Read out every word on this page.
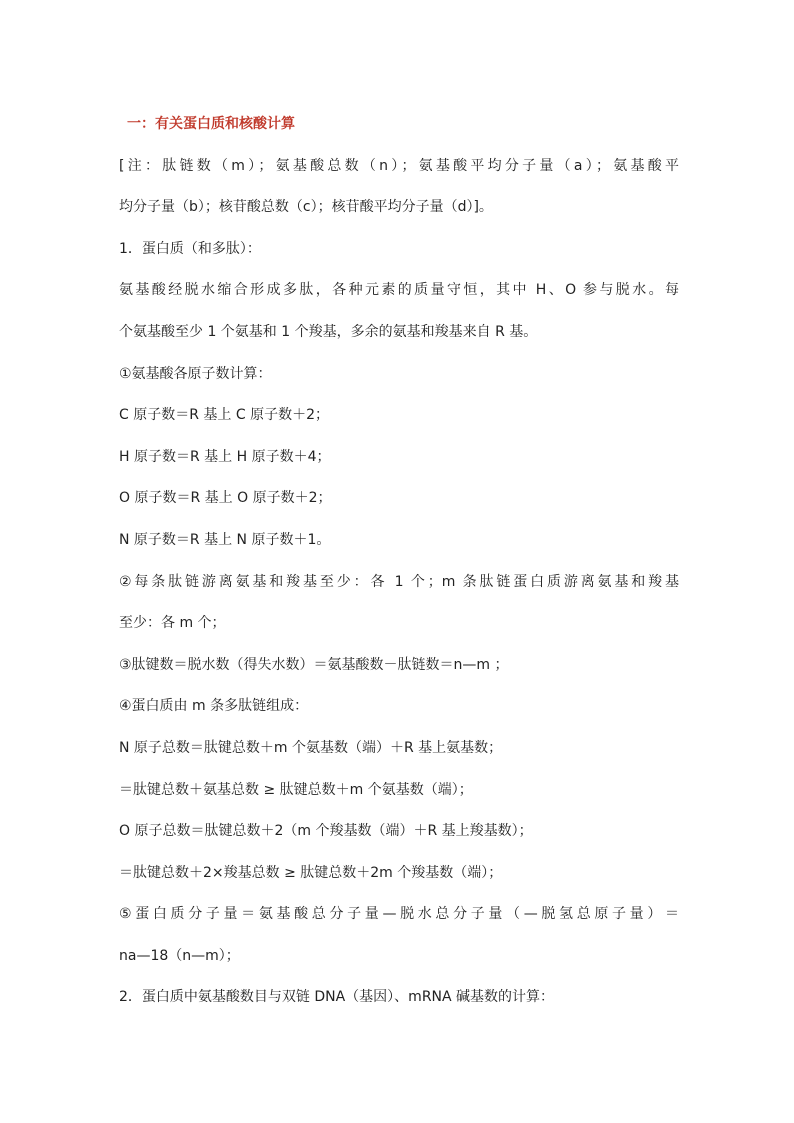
一：有关蛋白质和核酸计算
[注：肽链数（m）；氨基酸总数（n）；氨基酸平均分子量（a）；氨基酸平
均分子量（b）；核苷酸总数（c）；核苷酸平均分子量（d）]。
1．蛋白质（和多肽）：
氨基酸经脱水缩合形成多肽，各种元素的质量守恒，其中 H、O 参与脱水。每
个氨基酸至少 1 个氨基和 1 个羧基，多余的氨基和羧基来自 R 基。
①氨基酸各原子数计算：
C 原子数＝R 基上 C 原子数＋2；
H 原子数＝R 基上 H 原子数＋4；
O 原子数＝R 基上 O 原子数＋2；
N 原子数＝R 基上 N 原子数＋1。
②每条肽链游离氨基和羧基至少：各 1 个；m 条肽链蛋白质游离氨基和羧基
至少：各 m 个；
③肽键数＝脱水数（得失水数）＝氨基酸数－肽链数＝n—m ；
④蛋白质由 m 条多肽链组成：
N 原子总数＝肽键总数＋m 个氨基数（端）＋R 基上氨基数；
＝肽键总数＋氨基总数 ≥ 肽键总数＋m 个氨基数（端）；
O 原子总数＝肽键总数＋2（m 个羧基数（端）＋R 基上羧基数）；
＝肽键总数＋2×羧基总数 ≥ 肽键总数＋2m 个羧基数（端）；
⑤蛋白质分子量＝氨基酸总分子量—脱水总分子量（—脱氢总原子量）＝
na—18（n—m）；
2．蛋白质中氨基酸数目与双链 DNA（基因）、mRNA 碱基数的计算：
